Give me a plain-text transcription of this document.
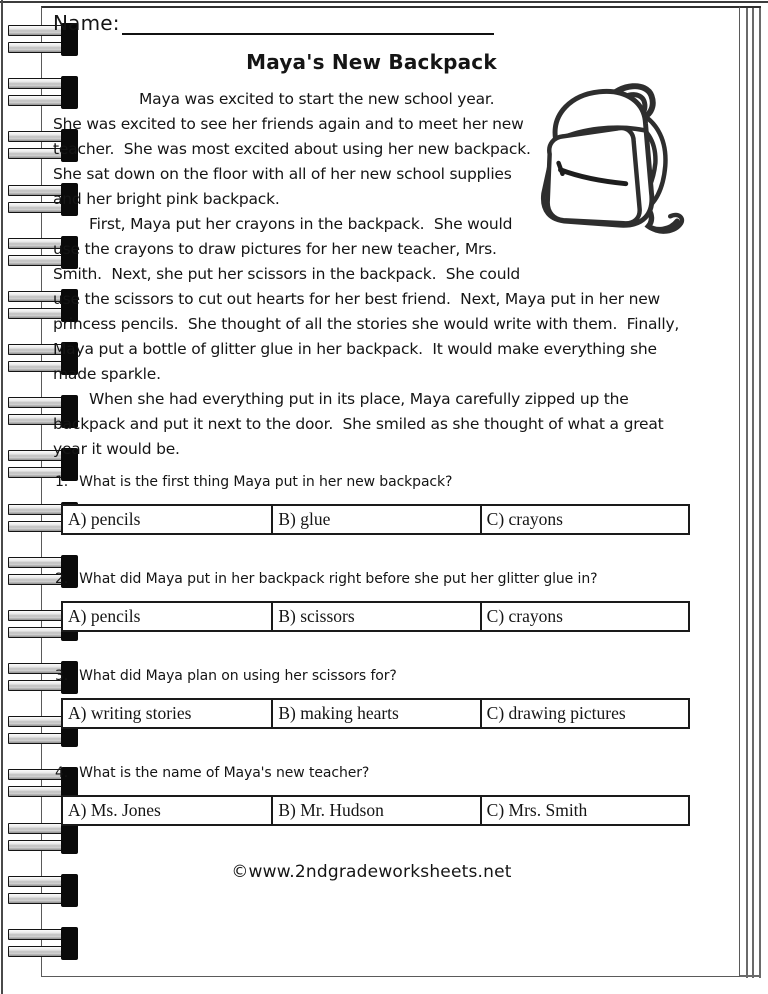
Name:
Maya's New Backpack

Maya was excited to start the new school year.  She was excited to see her friends again and to meet her new teacher.  She was most excited about using her new backpack.  She sat down on the floor with all of her new school supplies and her bright pink backpack.

First, Maya put her crayons in the backpack.  She would use the crayons to draw pictures for her new teacher, Mrs. Smith.  Next, she put her scissors in the backpack.  She could use the scissors to cut out hearts for her best friend.  Next, Maya put in her new princess pencils.  She thought of all the stories she would write with them.  Finally, Maya put a bottle of glitter glue in her backpack.  It would make everything she made sparkle.

When she had everything put in its place, Maya carefully zipped up the backpack and put it next to the door.  She smiled as she thought of what a great year it would be.

1. What is the first thing Maya put in her new backpack?

A) pencils	B) glue	C) crayons

2. What did Maya put in her backpack right before she put her glitter glue in?

A) pencils	B) scissors	C) crayons

3. What did Maya plan on using her scissors for?

A) writing stories	B) making hearts	C) drawing pictures

4. What is the name of Maya's new teacher?

A) Ms. Jones	B) Mr. Hudson	C) Mrs. Smith
©www.2ndgradeworksheets.net
